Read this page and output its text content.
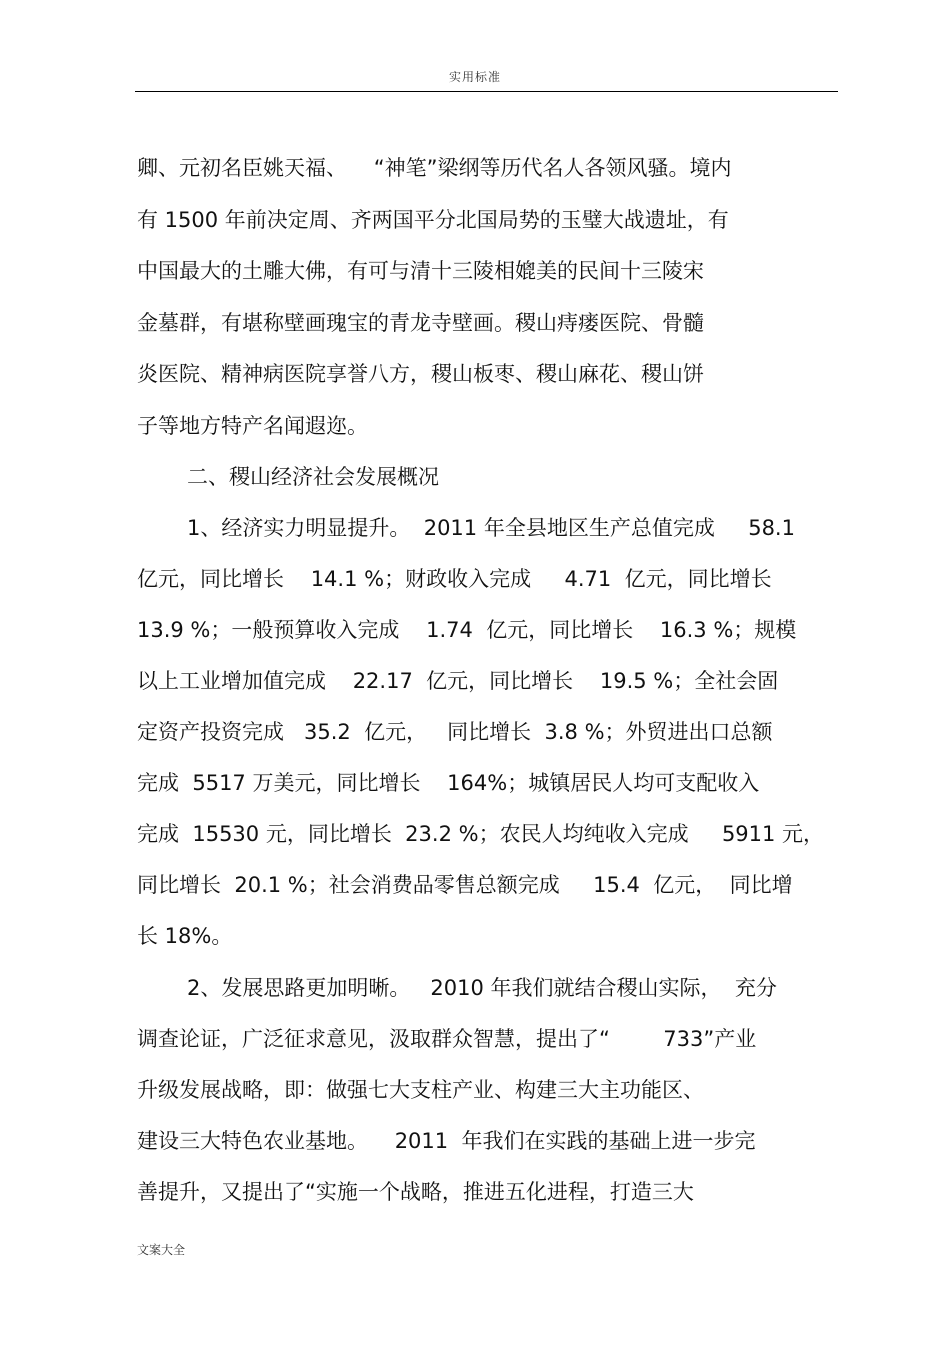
实用标准
卿、元初名臣姚天福、    “神笔”梁纲等历代名人各领风骚。境内
有 1500 年前决定周、齐两国平分北国局势的玉璧大战遗址，有
中国最大的土雕大佛，有可与清十三陵相媲美的民间十三陵宋
金墓群，有堪称壁画瑰宝的青龙寺壁画。稷山痔瘘医院、骨髓
炎医院、精神病医院享誉八方，稷山板枣、稷山麻花、稷山饼
子等地方特产名闻遐迩。
二、稷山经济社会发展概况
1、经济实力明显提升。  2011 年全县地区生产总值完成     58.1
亿元，同比增长    14.1 %；财政收入完成     4.71  亿元，同比增长
13.9 %；一般预算收入完成    1.74  亿元，同比增长    16.3 %；规模
以上工业增加值完成    22.17  亿元，同比增长    19.5 %；全社会固
定资产投资完成   35.2  亿元，   同比增长  3.8 %；外贸进出口总额
完成  5517 万美元，同比增长    164%；城镇居民人均可支配收入
完成  15530 元，同比增长  23.2 %；农民人均纯收入完成     5911 元，
同比增长  20.1 %；社会消费品零售总额完成     15.4  亿元，  同比增
长 18%。
2、发展思路更加明晰。   2010 年我们就结合稷山实际，  充分
调查论证，广泛征求意见，汲取群众智慧，提出了“        733”产业
升级发展战略，即：做强七大支柱产业、构建三大主功能区、
建设三大特色农业基地。    2011  年我们在实践的基础上进一步完
善提升，又提出了“实施一个战略，推进五化进程，打造三大
文案大全
